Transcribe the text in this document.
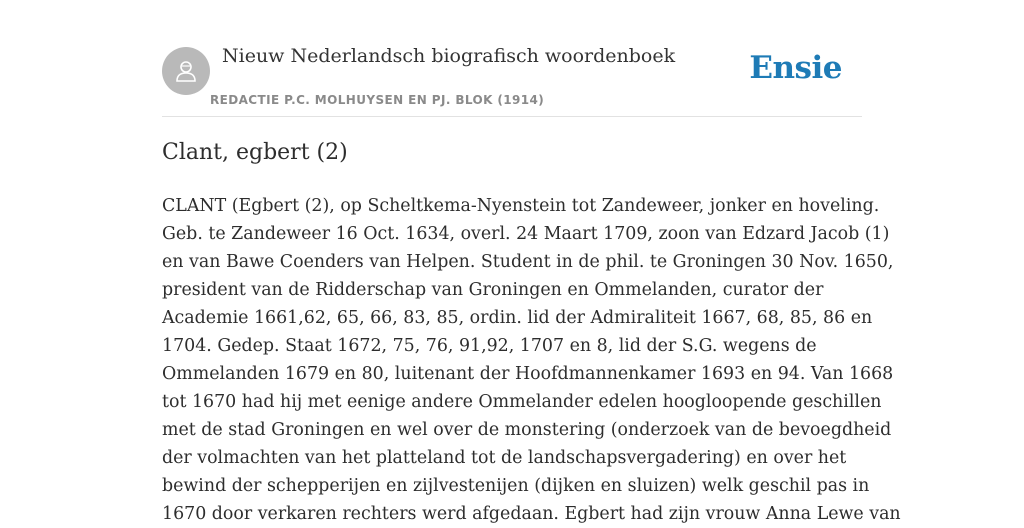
Nieuw Nederlandsch biografisch woordenboek
REDACTIE P.C. MOLHUYSEN EN PJ. BLOK (1914)
Ensie
Clant, egbert (2)
CLANT (Egbert (2), op Scheltkema-Nyenstein tot Zandeweer, jonker en hoveling.
Geb. te Zandeweer 16 Oct. 1634, overl. 24 Maart 1709, zoon van Edzard Jacob (1)
en van Bawe Coenders van Helpen. Student in de phil. te Groningen 30 Nov. 1650,
president van de Ridderschap van Groningen en Ommelanden, curator der
Academie 1661,62, 65, 66, 83, 85, ordin. lid der Admiraliteit 1667, 68, 85, 86 en
1704. Gedep. Staat 1672, 75, 76, 91,92, 1707 en 8, lid der S.G. wegens de
Ommelanden 1679 en 80, luitenant der Hoofdmannenkamer 1693 en 94. Van 1668
tot 1670 had hij met eenige andere Ommelander edelen hoogloopende geschillen
met de stad Groningen en wel over de monstering (onderzoek van de bevoegdheid
der volmachten van het platteland tot de landschapsvergadering) en over het
bewind der schepperijen en zijlvestenijen (dijken en sluizen) welk geschil pas in
1670 door verkaren rechters werd afgedaan. Egbert had zijn vrouw Anna Lewe van
